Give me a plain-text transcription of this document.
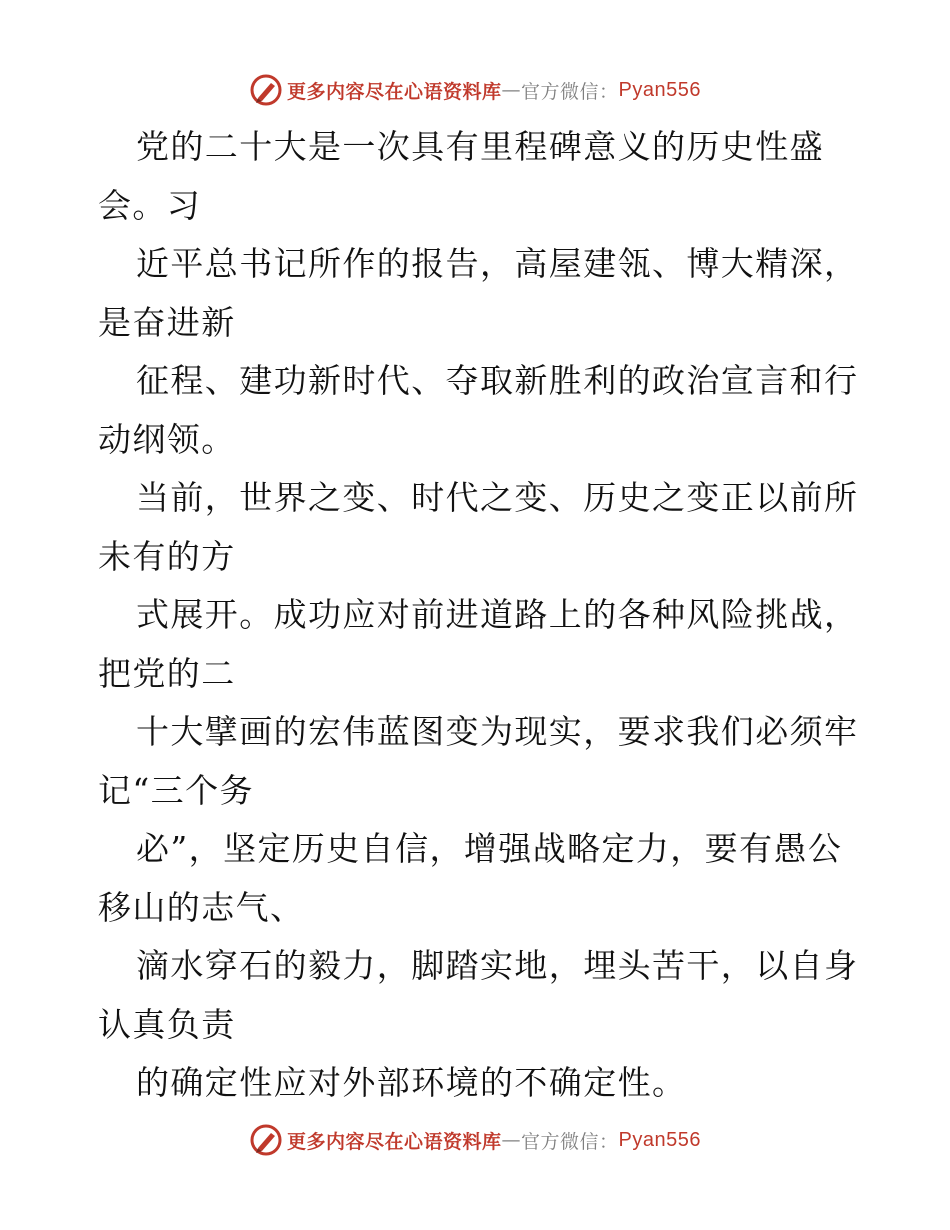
更多内容尽在心语资料库 — 官方微信： Pyan556
党的二十大是一次具有里程碑意义的历史性盛
会。习
近平总书记所作的报告，高屋建瓴、博大精深，
是奋进新
征程、建功新时代、夺取新胜利的政治宣言和行
动纲领。
当前，世界之变、时代之变、历史之变正以前所
未有的方
式展开。成功应对前进道路上的各种风险挑战，
把党的二
十大擘画的宏伟蓝图变为现实，要求我们必须牢
记“三个务
必”，坚定历史自信，增强战略定力，要有愚公
移山的志气、
滴水穿石的毅力，脚踏实地，埋头苦干，以自身
认真负责
的确定性应对外部环境的不确定性。
更多内容尽在心语资料库 — 官方微信： Pyan556
